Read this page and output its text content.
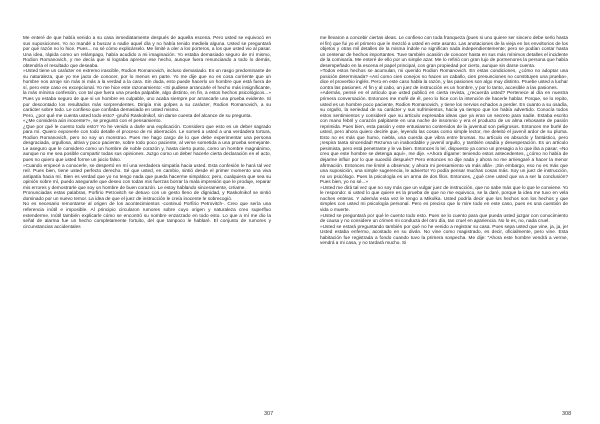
Me enteré de que había venido a su casa inmediatamente después de aquella escena. Pero usted se equivocó en sus suposiciones. Yo no mandé a buscar a nadie aquel día y no había tenido mediela alguna. Usted se preguntará por qué razón no lo hice. Pues... no sé cómo explicárselo. Me limité a oler a los porteros, a los que usted vio al pasar. Una idea, rápida como un relámpago, había acudido a mi imaginación. Yo estaba demasiado seguro de mí mismo, Rodion Romanovich, y me decía que si lograba apresar ese hecho, aunque fuera renunciando a todo lo demás, obtendría el resultado que deseaba.

»Usted tiene un carácter en extremo irascible, Rodion Romanovich, incluso demasiado. Es un rasgo predominante de su naturaleza, que yo me jacto de conocer, por lo menos en parte. Yo me dije que no es cosa corriente que un hombre nos arroje sin más ni más a la verdad a la cara. Sin duda, esto puede hacerlo un hombre que está fuera de sí, pero este caso es excepcional. Yo me hice este razonamiento: «Si pudiese arrancarle el hecho más insignificante, la más mínima confesión, con tal que fuera una prueba palpable, algo distinto, en fin, a estos hechos psicológicos...» Pues yo estaba seguro de que si un hombre es culpable, uno acaba siempre por arrancarle una prueba evidente. Si por descontado los resultados más sorprendentes. Dirigía mis golpes a su carácter, Rodion Romanovich, a su carácter sobre todo. Le confieso que confiaba demasiado en usted mismo.

Pero, ¿por qué me cuenta usted todo esto? -gruñó Raskolnikof, sin darse cuenta del alcance de su pregunta.

«¿Me considera aún inocente?», se preguntó con el pensamiento.

¿Que por qué le cuento todo esto? Yo he venido a darle una explicación. Considero que esto es un deber sagrado para mí. Quiero exponerle con todo detalle el proceso de mi aberración. Le someti a usted a una verdadera tortura, Rodion Romanovich, pero no soy un monstruo. Pues me hago cargo de lo que debe experimentar una persona desgraciada, orgullosa, altiva y poco paciente, sobre todo poco paciente, al verse sometida a una prueba semejante. Le aseguro que le considero como un hombre de noble corazón y, hasta cierto punto, como un hombre magnánimo, aunque no me sea posible compartir todas sus opiniones. Juzgo como un deber hacerle cierta declaración en el acto, pues no quiero que usted forme un juicio falso.

»Cuando empecé a conocerle, se despertó en mí una verdadera simpatía hacia usted. Esta confesión le hará tal vez reír. Pues bien, tiene usted perfecto derecho. Sé que usted, en cambio, sintió desde el primer momento una viva antipatía hacia mí. Bien es verdad que yo no tengo nada que pueda hacerme simpático; pero, cualquiera que sea su opinión sobre mí, puedo asegurarle que deseo con todas mis fuerzas borrar la mala impresión que le produje, reparar mis errores y demostrarle que soy un hombre de buen corazón. Le estoy hablando sinceramente, créame.

Pronunciadas estas palabras, Porfirio Petrovitch se detuvo con un gesto lleno de dignidad, y Raskolnikof se sintió dominado por un nuevo temor. La idea de que el juez de instrucción le creía inocente le sobrecogió.

No es necesario remontarse al origen de los acontecimientos -continuó Porfirio Petrovitch-. Creo que sería una referencia inútil e imposible. Al principio circularon rumores sobre cuyo origen y naturaleza creo superfluo extenderme. Inútil también explicarle cómo se encontró su nombre enzarzado en todo esto. Lo que a mí me dio la señal de alarma fue un hecho completamente fortuito, del que tampoco le hablaré. El conjunto de rumores y circunstancias accidentales

307

me llevaron a concebir ciertas ideas. Le confieso con toda franqueza (pues si uno quiere ser sincero debe serlo hasta el fin) que fui yo el primero que le mezcló a usted en este asunto. Las anotaciones de la vieja en los envoltorios de los objetos y otras mil detalles de la misma índole no significan nada independientemente; pero se podían contar hasta un centenar de hechos importantes. Tuve también ocasión de conocer hasta en sus más mínimos detalles el incidente de la comisaría. Me enteré de ello por un simple azar. Me lo refirió con gran lujo de pormenores la persona que había desempeñado en la escena el papel principal, con gran propiedad por cierto, aunque sin darse cuenta.

»Todos estos hechos se acumulan, mi querido Rodion Romanovich. En estas condiciones, ¿cómo no adoptar una posición determinada? «Así como cien conejos no hacen un caballo, cien presunciones no constituyen una prueba», dice el proverbio inglés. Pero en este caso habla la razón, y las pasiones son algo muy distinto. Pruebe usted a luchar contra las pasiones. Al fin y al cabo, un juez de instrucción es un hombre, y por lo tanto, accesible a las pasiones.

»Además, pensé en el artículo que usted publicó en cierta revista, ¿recuerda usted? Pertenece al día en nuestra primera conversación. Entonces me mofé de él, pero lo hice con la intención de hacerle hablar. Porque, se lo repito, usted es un hombre poco paciente, Rodion Romanovich, y tiene los nervios echados a perder. En cuanto a su osadía, su orgullo, la seriedad de su carácter y sus sufrimientos, hacía ya tiempo que los había advertido. Conocía todos estos sentimientos y consideré que su artículo expresaba ideas que ya eran un secreto para nadie. Estaba escrito con mano febril y corazón palpitante en una noche de insomnio y era el producto de un alma rebosante de pasión reprimida. Pues bien, esta pasión y este entusiasmo contenidos de la juventud son peligrosos. Entonces me burlé de usted, pero ahora quiero decirle que, leyendo las cosas como simple lector, me deleitó el juvenil ardor de su pluma. Esto no es más que humo, niebla, una cuerda que vibra entre brumas. Su artículo es absurdo y fantástico, pero ¡respira tanta sinceridad! Rezuma un inabordable y juvenil orgullo, y también osadía y desesperación. Es un artículo pesimista, pero está penetrante y le va bien. Entonces lo leí, dispuesto ya como un presagio a lo que iba a pasar. «No creo que este hombre se detenga aquí», me dije. «Ahora dígame: teniendo estos antecedentes, ¿cómo no había de dejarme influir por lo que sucedió después? Pero entonces no dije nada y ahora no me arriesgaré a hacer la menor afirmación. Entonces me limité a observar, y ahora mi pensamiento va más allá». ¡Sin embargo, eso no es más que una suposición, una simple sugerencia, le advierto! Yo podía pensar muchas cosas más. Soy un juez de instrucción, no un psicólogo. Pues la psicología es un arma de dos filos. Entonces, ¿qué cree usted que va a ser la conclusión? Pues bien, yo no sé...»

»Usted me dirá tal vez que no soy más que un vulgar juez de instrucción, que no sabe más que lo que le conviene. Yo le respondo: si usted lo que quiere es la prueba de que no me equivoco, se la daré, porque la idea me tuvo en vela noches enteras. Y además esta vez le tengo a Mikolka. Usted podría decir que los hechos son los hechos y que simples con usted mi psicología personal. Pero es preciso que lo mire todo en este caso, pues es una cuestión de vida o muerte.

»Usted se preguntará por qué le cuento todo esto. Pues se lo cuento para que pueda usted juzgar con conocimiento de causa y no considere un crimen mi conducta del otro día, tan cruel en apariencia. No lo es, no, nada cruel.

»Usted se estará preguntando también por qué no he venido a registrar su casa. Pues sepa usted que vine, ja, ja, je! Usted estaba enfermo, acostado en su diván. No vine como magistrado, es decir, oficialmente, pero vine. Esta habitación fue registrada a fondo cuando tuvo la primera sospecha. Me dije: "Ahora este hombre vendrá a verme, vendrá a mi casa, y no tardará mucho. Si

308
